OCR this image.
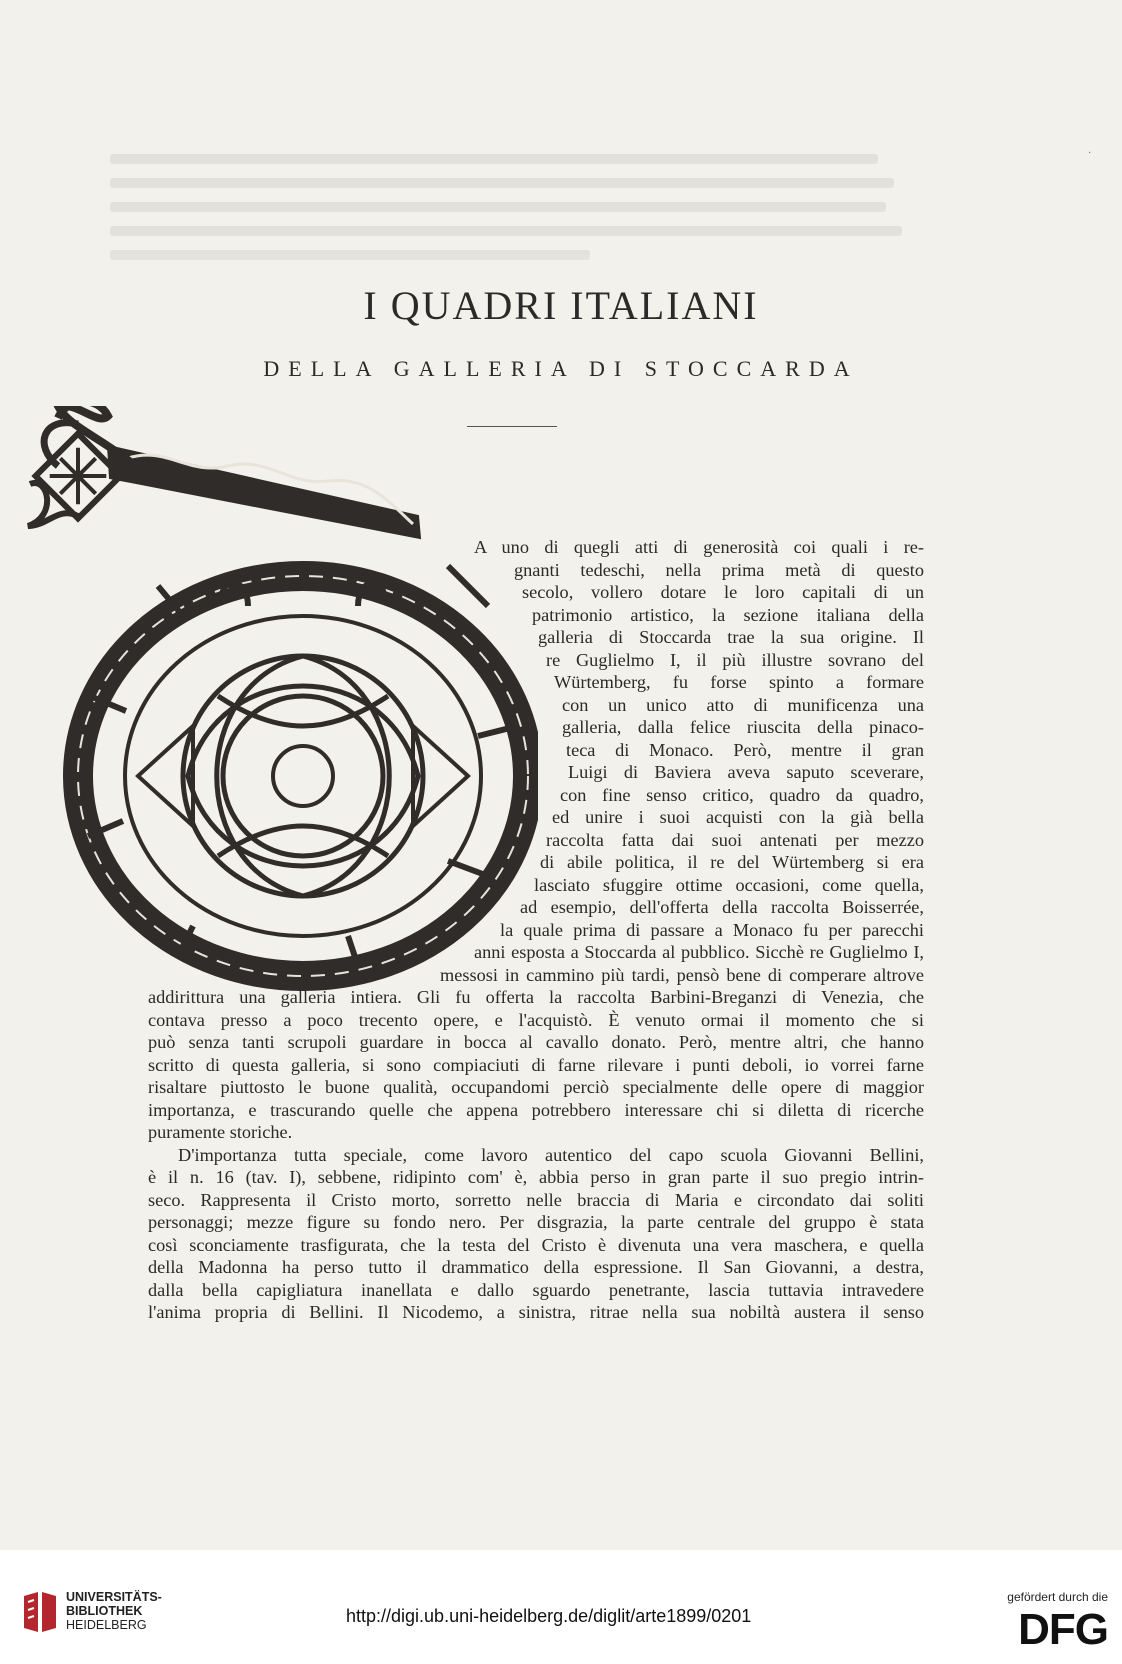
I QUADRI ITALIANI
DELLA GALLERIA DI STOCCARDA
A uno di quegli atti di generosità coi quali i re-
gnanti tedeschi, nella prima metà di questo
secolo, vollero dotare le loro capitali di un
patrimonio artistico, la sezione italiana della
galleria di Stoccarda trae la sua origine. Il
re Guglielmo I, il più illustre sovrano del
Würtemberg, fu forse spinto a formare
con un unico atto di munificenza una
galleria, dalla felice riuscita della pinaco-
teca di Monaco. Però, mentre il gran
Luigi di Baviera aveva saputo sceverare,
con fine senso critico, quadro da quadro,
ed unire i suoi acquisti con la già bella
raccolta fatta dai suoi antenati per mezzo
di abile politica, il re del Würtemberg si era
lasciato sfuggire ottime occasioni, come quella,
ad esempio, dell'offerta della raccolta Boisserrée,
la quale prima di passare a Monaco fu per parecchi
anni esposta a Stoccarda al pubblico. Sicchè re Guglielmo I,
messosi in cammino più tardi, pensò bene di comperare altrove
addirittura una galleria intiera. Gli fu offerta la raccolta Barbini-Breganzi di Venezia, che
contava presso a poco trecento opere, e l'acquistò. È venuto ormai il momento che si
può senza tanti scrupoli guardare in bocca al cavallo donato. Però, mentre altri, che hanno
scritto di questa galleria, si sono compiaciuti di farne rilevare i punti deboli, io vorrei farne
risaltare piuttosto le buone qualità, occupandomi perciò specialmente delle opere di maggior
importanza, e trascurando quelle che appena potrebbero interessare chi si diletta di ricerche
puramente storiche.
D'importanza tutta speciale, come lavoro autentico del capo scuola Giovanni Bellini,
è il n. 16 (tav. I), sebbene, ridipinto com' è, abbia perso in gran parte il suo pregio intrin-
seco. Rappresenta il Cristo morto, sorretto nelle braccia di Maria e circondato dai soliti
personaggi; mezze figure su fondo nero. Per disgrazia, la parte centrale del gruppo è stata
così sconciamente trasfigurata, che la testa del Cristo è divenuta una vera maschera, e quella
della Madonna ha perso tutto il drammatico della espressione. Il San Giovanni, a destra,
dalla bella capigliatura inanellata e dallo sguardo penetrante, lascia tuttavia intravedere
l'anima propria di Bellini. Il Nicodemo, a sinistra, ritrae nella sua nobiltà austera il senso
·
UNIVERSITÄTS-
BIBLIOTHEK
HEIDELBERG	http://digi.ub.uni-heidelberg.de/diglit/arte1899/0201
gefördert durch die
DFG
